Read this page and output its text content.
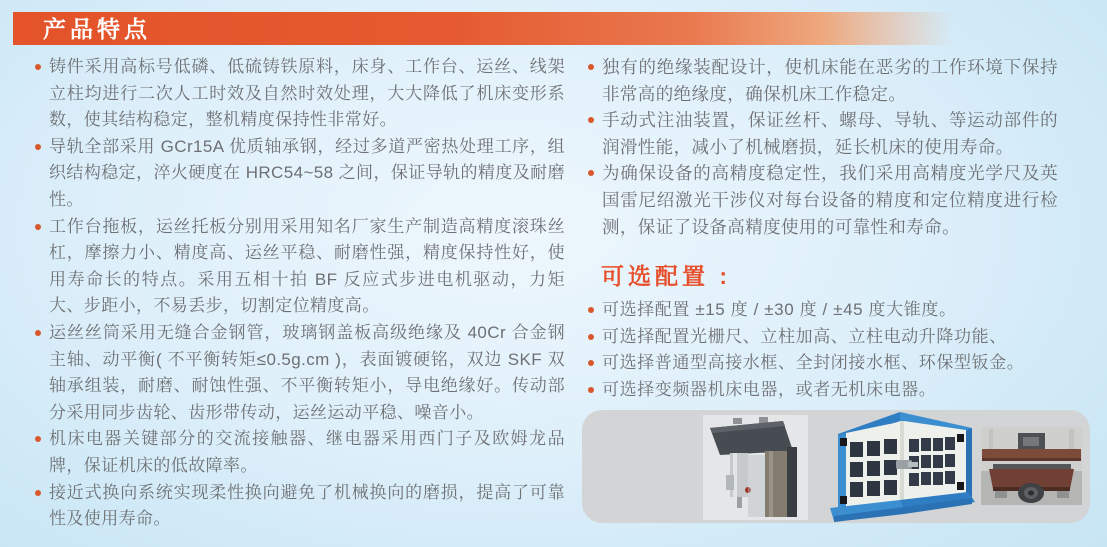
产品特点
铸件采用高标号低磷、低硫铸铁原料，床身、工作台、运丝、线架立柱均进行二次人工时效及自然时效处理，大大降低了机床变形系数，使其结构稳定，整机精度保持性非常好。
导轨全部采用 GCr15A 优质轴承钢，经过多道严密热处理工序，组织结构稳定，淬火硬度在 HRC54~58 之间，保证导轨的精度及耐磨性。
工作台拖板，运丝托板分别用采用知名厂家生产制造高精度滚珠丝杠，摩擦力小、精度高、运丝平稳、耐磨性强，精度保持性好，使用寿命长的特点。采用五相十拍 BF 反应式步进电机驱动，力矩大、步距小，不易丢步，切割定位精度高。
运丝丝筒采用无缝合金钢管，玻璃钢盖板高级绝缘及 40Cr 合金钢主轴、动平衡( 不平衡转矩≤0.5g.cm )，表面镀硬铭，双边 SKF 双轴承组装，耐磨、耐蚀性强、不平衡转矩小，导电绝缘好。传动部分采用同步齿轮、齿形带传动，运丝运动平稳、噪音小。
机床电器关键部分的交流接触器、继电器采用西门子及欧姆龙品牌，保证机床的低故障率。
接近式换向系统实现柔性换向避免了机械换向的磨损，提高了可靠性及使用寿命。
独有的绝缘装配设计，使机床能在恶劣的工作环境下保持非常高的绝缘度，确保机床工作稳定。
手动式注油装置，保证丝杆、螺母、导轨、等运动部件的润滑性能，减小了机械磨损，延长机床的使用寿命。
为确保设备的高精度稳定性，我们采用高精度光学尺及英国雷尼绍激光干涉仪对每台设备的精度和定位精度进行检测，保证了设备高精度使用的可靠性和寿命。
可选配置 :
可选择配置 ±15 度 / ±30 度 / ±45 度大锥度。
可选择配置光栅尺、立柱加高、立柱电动升降功能、
可选择普通型高接水框、全封闭接水框、环保型钣金。
可选择变频器机床电器，或者无机床电器。
